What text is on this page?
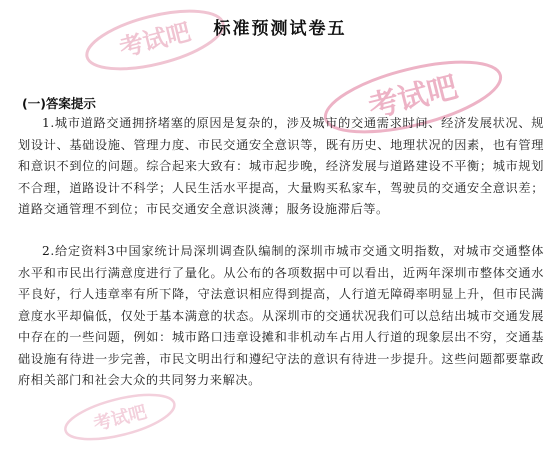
考试吧
考试吧
考试吧
标准预测试卷五
(一)答案提示

1.城市道路交通拥挤堵塞的原因是复杂的，涉及城市的交通需求时间、经济发展状况、规划设计、基础设施、管理力度、市民交通安全意识等，既有历史、地理状况的因素，也有管理和意识不到位的问题。综合起来大致有：城市起步晚，经济发展与道路建设不平衡；城市规划不合理，道路设计不科学；人民生活水平提高，大量购买私家车，驾驶员的交通安全意识差；道路交通管理不到位；市民交通安全意识淡薄；服务设施滞后等。

2.给定资料3中国家统计局深圳调查队编制的深圳市城市交通文明指数，对城市交通整体水平和市民出行满意度进行了量化。从公布的各项数据中可以看出，近两年深圳市整体交通水平良好，行人违章率有所下降，守法意识相应得到提高，人行道无障碍率明显上升，但市民满意度水平却偏低，仅处于基本满意的状态。从深圳市的交通状况我们可以总结出城市交通发展中存在的一些问题，例如：城市路口违章设摊和非机动车占用人行道的现象层出不穷，交通基础设施有待进一步完善，市民文明出行和遵纪守法的意识有待进一步提升。这些问题都要靠政府相关部门和社会大众的共同努力来解决。
